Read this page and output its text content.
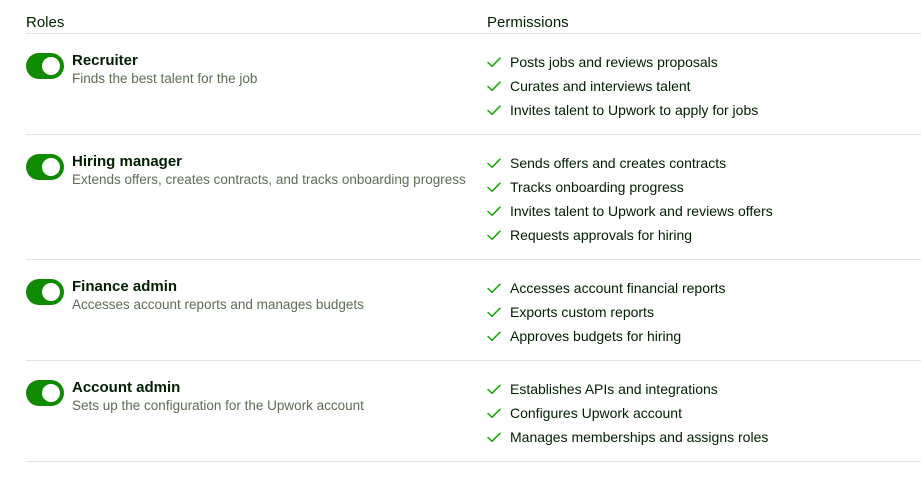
Roles	Permissions
Recruiter
Finds the best talent for the job
Posts jobs and reviews proposals
Curates and interviews talent
Invites talent to Upwork to apply for jobs
Hiring manager
Extends offers, creates contracts, and tracks onboarding progress
Sends offers and creates contracts
Tracks onboarding progress
Invites talent to Upwork and reviews offers
Requests approvals for hiring
Finance admin
Accesses account reports and manages budgets
Accesses account financial reports
Exports custom reports
Approves budgets for hiring
Account admin
Sets up the configuration for the Upwork account
Establishes APIs and integrations
Configures Upwork account
Manages memberships and assigns roles
